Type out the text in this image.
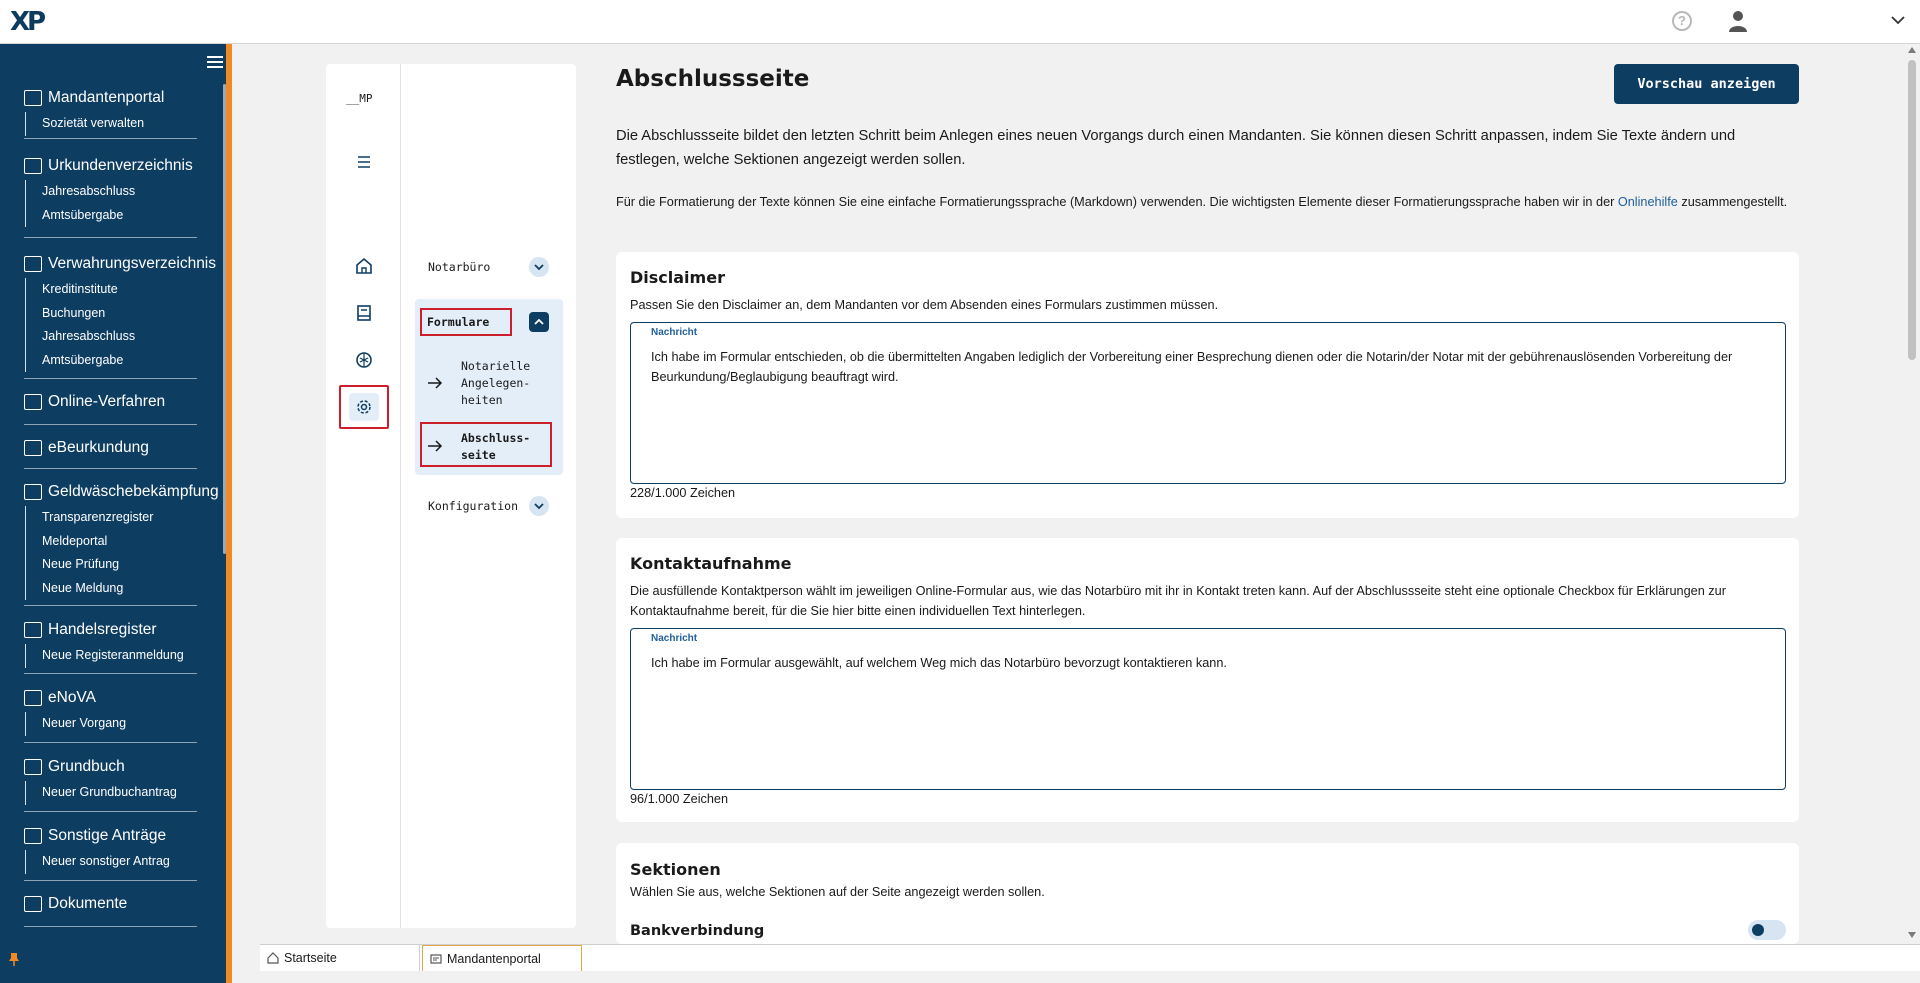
XP	?
Mandantenportal
Sozietät verwalten
Urkundenverzeichnis
Jahresabschluss
Amtsübergabe
Verwahrungsverzeichnis
Kreditinstitute
Buchungen
Jahresabschluss
Amtsübergabe
Online-Verfahren
eBeurkundung
Geldwäschebekämpfung
Transparenzregister
Meldeportal
Neue Prüfung
Neue Meldung
Handelsregister
Neue Registeranmeldung
eNoVA
Neuer Vorgang
Grundbuch
Neuer Grundbuchantrag
Sonstige Anträge
Neuer sonstiger Antrag
Dokumente
__MP
Notarbüro
Formulare
Notarielle Angelegen-heiten
Abschluss-seite
Konfiguration
Abschlussseite	Vorschau anzeigen
Die Abschlussseite bildet den letzten Schritt beim Anlegen eines neuen Vorgangs durch einen Mandanten. Sie können diesen Schritt anpassen, indem Sie Texte ändern und festlegen, welche Sektionen angezeigt werden sollen.
Für die Formatierung der Texte können Sie eine einfache Formatierungssprache (Markdown) verwenden. Die wichtigsten Elemente dieser Formatierungssprache haben wir in der Onlinehilfe zusammengestellt.
Disclaimer
Passen Sie den Disclaimer an, dem Mandanten vor dem Absenden eines Formulars zustimmen müssen.
Nachricht
Ich habe im Formular entschieden, ob die übermittelten Angaben lediglich der Vorbereitung einer Besprechung dienen oder die Notarin/der Notar mit der gebührenauslösenden Vorbereitung der Beurkundung/Beglaubigung beauftragt wird.
228/1.000 Zeichen
Kontaktaufnahme
Die ausfüllende Kontaktperson wählt im jeweiligen Online-Formular aus, wie das Notarbüro mit ihr in Kontakt treten kann. Auf der Abschlussseite steht eine optionale Checkbox für Erklärungen zur Kontaktaufnahme bereit, für die Sie hier bitte einen individuellen Text hinterlegen.
Nachricht
Ich habe im Formular ausgewählt, auf welchem Weg mich das Notarbüro bevorzugt kontaktieren kann.
96/1.000 Zeichen
Sektionen
Wählen Sie aus, welche Sektionen auf der Seite angezeigt werden sollen.
Bankverbindung
Startseite	Mandantenportal
